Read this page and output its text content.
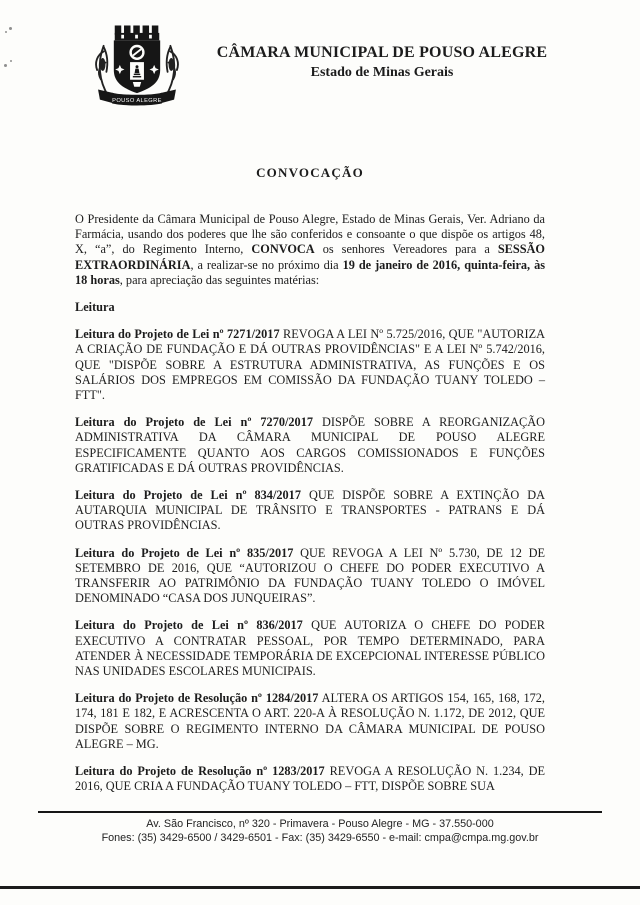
POUSO ALEGRE
CÂMARA MUNICIPAL DE POUSO ALEGRE
Estado de Minas Gerais
CONVOCAÇÃO

O Presidente da Câmara Municipal de Pouso Alegre, Estado de Minas Gerais, Ver. Adriano da Farmácia, usando dos poderes que lhe são conferidos e consoante o que dispõe os artigos 48, X, “a”, do Regimento Interno, CONVOCA os senhores Vereadores para a SESSÃO EXTRAORDINÁRIA, a realizar-se no próximo dia 19 de janeiro de 2016, quinta-feira, às 18 horas, para apreciação das seguintes matérias:

Leitura

Leitura do Projeto de Lei nº 7271/2017 REVOGA A LEI Nº 5.725/2016, QUE "AUTORIZA A CRIAÇÃO DE FUNDAÇÃO E DÁ OUTRAS PROVIDÊNCIAS" E A LEI Nº 5.742/2016, QUE "DISPÕE SOBRE A ESTRUTURA ADMINISTRATIVA, AS FUNÇÕES E OS SALÁRIOS DOS EMPREGOS EM COMISSÃO DA FUNDAÇÃO TUANY TOLEDO – FTT".

Leitura do Projeto de Lei nº 7270/2017 DISPÕE SOBRE A REORGANIZAÇÃO ADMINISTRATIVA DA CÂMARA MUNICIPAL DE POUSO ALEGRE ESPECIFICAMENTE QUANTO AOS CARGOS COMISSIONADOS E FUNÇÕES GRATIFICADAS E DÁ OUTRAS PROVIDÊNCIAS.

Leitura do Projeto de Lei nº 834/2017 QUE DISPÕE SOBRE A EXTINÇÃO DA AUTARQUIA MUNICIPAL DE TRÂNSITO E TRANSPORTES - PATRANS E DÁ OUTRAS PROVIDÊNCIAS.

Leitura do Projeto de Lei nº 835/2017 QUE REVOGA A LEI Nº 5.730, DE 12 DE SETEMBRO DE 2016, QUE “AUTORIZOU O CHEFE DO PODER EXECUTIVO A TRANSFERIR AO PATRIMÔNIO DA FUNDAÇÃO TUANY TOLEDO O IMÓVEL DENOMINADO “CASA DOS JUNQUEIRAS”.

Leitura do Projeto de Lei nº 836/2017 QUE AUTORIZA O CHEFE DO PODER EXECUTIVO A CONTRATAR PESSOAL, POR TEMPO DETERMINADO, PARA ATENDER À NECESSIDADE TEMPORÁRIA DE EXCEPCIONAL INTERESSE PÚBLICO NAS UNIDADES ESCOLARES MUNICIPAIS.

Leitura do Projeto de Resolução nº 1284/2017 ALTERA OS ARTIGOS 154, 165, 168, 172, 174, 181 E 182, E ACRESCENTA O ART. 220-A À RESOLUÇÃO N. 1.172, DE 2012, QUE DISPÕE SOBRE O REGIMENTO INTERNO DA CÂMARA MUNICIPAL DE POUSO ALEGRE – MG.

Leitura do Projeto de Resolução nº 1283/2017 REVOGA A RESOLUÇÃO N. 1.234, DE 2016, QUE CRIA A FUNDAÇÃO TUANY TOLEDO – FTT, DISPÕE SOBRE SUA

Av. São Francisco, nº 320 - Primavera - Pouso Alegre - MG - 37.550-000
Fones: (35) 3429-6500 / 3429-6501 - Fax: (35) 3429-6550 - e-mail: cmpa@cmpa.mg.gov.br
